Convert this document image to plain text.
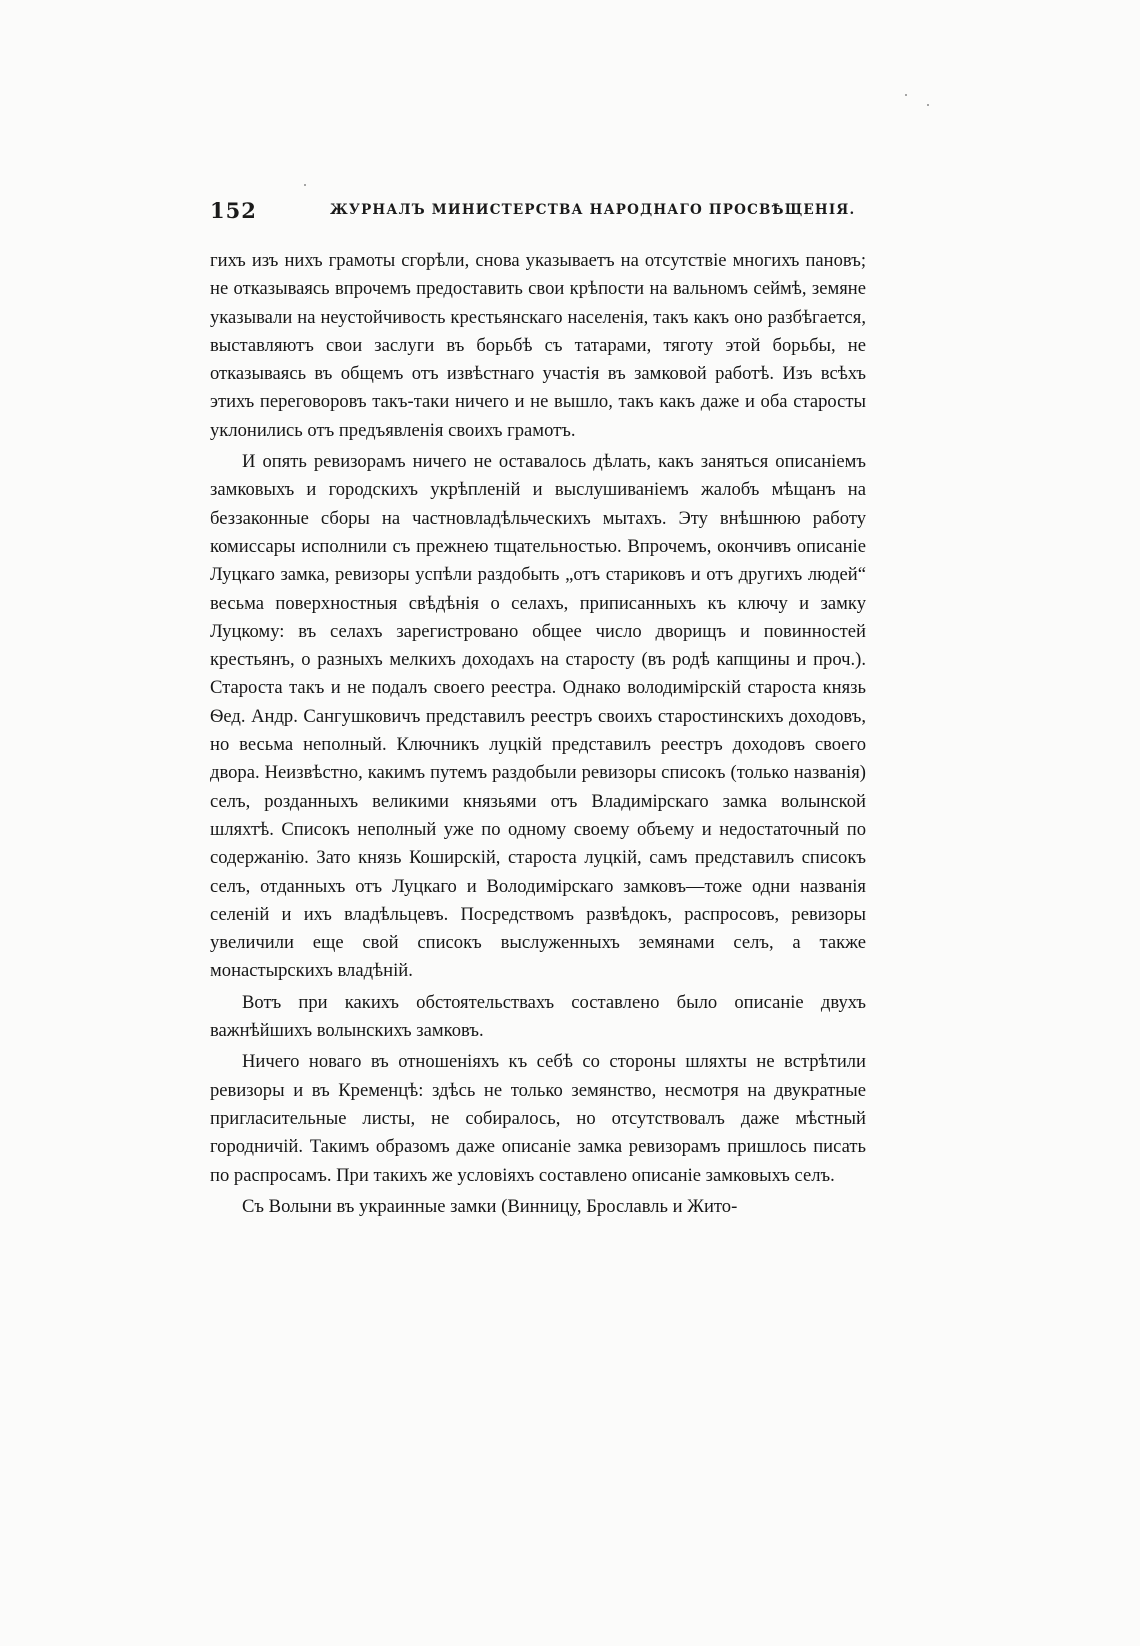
152	ЖУРНАЛЪ МИНИСТЕРСТВА НАРОДНАГО ПРОСВѢЩЕНІЯ.

гихъ изъ нихъ грамоты сгорѣли, снова указываетъ на отсутствіе многихъ пановъ; не отказываясь впрочемъ предоставить свои крѣпости на вальномъ сеймѣ, земяне указывали на неустойчивость крестьянскаго населенія, такъ какъ оно разбѣгается, выставляютъ свои заслуги въ борьбѣ съ татарами, тяготу этой борьбы, не отказываясь въ общемъ отъ извѣстнаго участія въ замковой работѣ. Изъ всѣхъ этихъ переговоровъ такъ-таки ничего и не вышло, такъ какъ даже и оба старосты уклонились отъ предъявленія своихъ грамотъ.

И опять ревизорамъ ничего не оставалось дѣлать, какъ заняться описаніемъ замковыхъ и городскихъ укрѣпленій и выслушиваніемъ жалобъ мѣщанъ на беззаконные сборы на частновладѣльческихъ мытахъ. Эту внѣшнюю работу комиссары исполнили съ прежнею тщательностью. Впрочемъ, окончивъ описаніе Луцкаго замка, ревизоры успѣли раздобыть „отъ стариковъ и отъ другихъ людей“ весьма поверхностныя свѣдѣнія о селахъ, приписанныхъ къ ключу и замку Луцкому: въ селахъ зарегистровано общее число дворищъ и повинностей крестьянъ, о разныхъ мелкихъ доходахъ на старосту (въ родѣ капщины и проч.). Староста такъ и не подалъ своего реестра. Однако володимірскій староста князь Ѳед. Андр. Сангушковичъ представилъ реестръ своихъ старостинскихъ доходовъ, но весьма неполный. Ключникъ луцкій представилъ реестръ доходовъ своего двора. Неизвѣстно, какимъ путемъ раздобыли ревизоры списокъ (только названія) селъ, розданныхъ великими князьями отъ Владимірскаго замка волынской шляхтѣ. Списокъ неполный уже по одному своему объему и недостаточный по содержанію. Зато князь Коширскій, староста луцкій, самъ представилъ списокъ селъ, отданныхъ отъ Луцкаго и Володимірскаго замковъ—тоже одни названія селеній и ихъ владѣльцевъ. Посредствомъ развѣдокъ, распросовъ, ревизоры увеличили еще свой списокъ выслуженныхъ земянами селъ, а также монастырскихъ владѣній.

Вотъ при какихъ обстоятельствахъ составлено было описаніе двухъ важнѣйшихъ волынскихъ замковъ.

Ничего новаго въ отношеніяхъ къ себѣ со стороны шляхты не встрѣтили ревизоры и въ Кременцѣ: здѣсь не только земянство, несмотря на двукратные пригласительные листы, не собиралось, но отсутствовалъ даже мѣстный городничій. Такимъ образомъ даже описаніе замка ревизорамъ пришлось писать по распросамъ. При такихъ же условіяхъ составлено описаніе замковыхъ селъ.

Съ Волыни въ украинные замки (Винницу, Брославль и Жито-
